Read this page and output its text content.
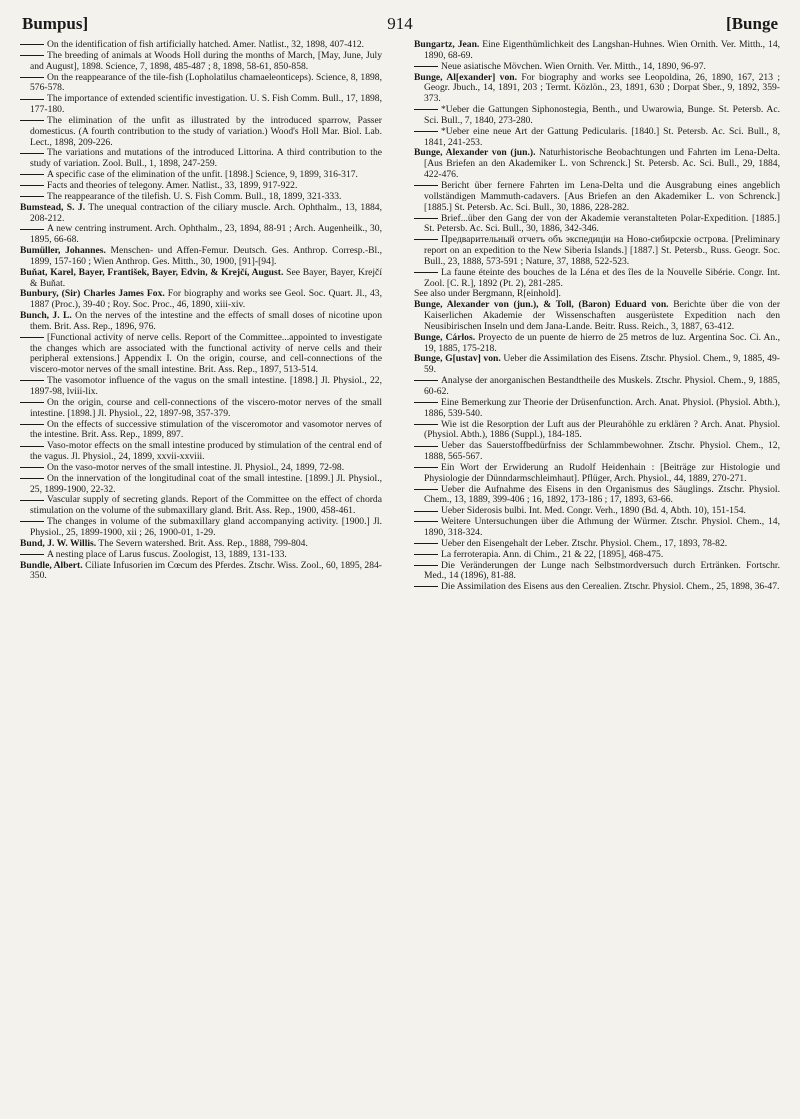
Bumpus]	914	[Bunge

On the identification of fish artificially hatched. Amer. Natlist., 32, 1898, 407-412.

The breeding of animals at Woods Holl during the months of March, [May, June, July and August], 1898. Science, 7, 1898, 485-487 ; 8, 1898, 58-61, 850-858.

On the reappearance of the tile-fish (Lopholatilus chamaeleonticeps). Science, 8, 1898, 576-578.

The importance of extended scientific investigation. U. S. Fish Comm. Bull., 17, 1898, 177-180.

The elimination of the unfit as illustrated by the introduced sparrow, Passer domesticus. (A fourth contribution to the study of variation.) Wood's Holl Mar. Biol. Lab. Lect., 1898, 209-226.

The variations and mutations of the introduced Littorina. A third contribution to the study of variation. Zool. Bull., 1, 1898, 247-259.

A specific case of the elimination of the unfit. [1898.] Science, 9, 1899, 316-317.

Facts and theories of telegony. Amer. Natlist., 33, 1899, 917-922.

The reappearance of the tilefish. U. S. Fish Comm. Bull., 18, 1899, 321-333.

Bumstead, S. J. The unequal contraction of the ciliary muscle. Arch. Ophthalm., 13, 1884, 208-212.

A new centring instrument. Arch. Ophthalm., 23, 1894, 88-91 ; Arch. Augenheilk., 30, 1895, 66-68.

Bumüller, Johannes. Menschen- und Affen-Femur. Deutsch. Ges. Anthrop. Corresp.-Bl., 1899, 157-160 ; Wien Anthrop. Ges. Mitth., 30, 1900, [91]-[94].

Buňat, Karel, Bayer, František, Bayer, Edvin, & Krejčí, August. See Bayer, Bayer, Krejčí & Buňat.

Bunbury, (Sir) Charles James Fox. For biography and works see Geol. Soc. Quart. Jl., 43, 1887 (Proc.), 39-40 ; Roy. Soc. Proc., 46, 1890, xiii-xiv.

Bunch, J. L. On the nerves of the intestine and the effects of small doses of nicotine upon them. Brit. Ass. Rep., 1896, 976.

[Functional activity of nerve cells. Report of the Committee...appointed to investigate the changes which are associated with the functional activity of nerve cells and their peripheral extensions.] Appendix I. On the origin, course, and cell-connections of the viscero-motor nerves of the small intestine. Brit. Ass. Rep., 1897, 513-514.

The vasomotor influence of the vagus on the small intestine. [1898.] Jl. Physiol., 22, 1897-98, lviii-lix.

On the origin, course and cell-connections of the viscero-motor nerves of the small intestine. [1898.] Jl. Physiol., 22, 1897-98, 357-379.

On the effects of successive stimulation of the visceromotor and vasomotor nerves of the intestine. Brit. Ass. Rep., 1899, 897.

Vaso-motor effects on the small intestine produced by stimulation of the central end of the vagus. Jl. Physiol., 24, 1899, xxvii-xxviii.

On the vaso-motor nerves of the small intestine. Jl. Physiol., 24, 1899, 72-98.

On the innervation of the longitudinal coat of the small intestine. [1899.] Jl. Physiol., 25, 1899-1900, 22-32.

Vascular supply of secreting glands. Report of the Committee on the effect of chorda stimulation on the volume of the submaxillary gland. Brit. Ass. Rep., 1900, 458-461.

The changes in volume of the submaxillary gland accompanying activity. [1900.] Jl. Physiol., 25, 1899-1900, xii ; 26, 1900-01, 1-29.

Bund, J. W. Willis. The Severn watershed. Brit. Ass. Rep., 1888, 799-804.

A nesting place of Larus fuscus. Zoologist, 13, 1889, 131-133.

Bundle, Albert. Ciliate Infusorien im Cœcum des Pferdes. Ztschr. Wiss. Zool., 60, 1895, 284-350.

Bungartz, Jean. Eine Eigenthümlichkeit des Langshan-Huhnes. Wien Ornith. Ver. Mitth., 14, 1890, 68-69.

Neue asiatische Mövchen. Wien Ornith. Ver. Mitth., 14, 1890, 96-97.

Bunge, Al[exander] von. For biography and works see Leopoldina, 26, 1890, 167, 213 ; Geogr. Jbuch., 14, 1891, 203 ; Termt. Közlön., 23, 1891, 630 ; Dorpat Sber., 9, 1892, 359-373.

*Ueber die Gattungen Siphonostegia, Benth., und Uwarowia, Bunge. St. Petersb. Ac. Sci. Bull., 7, 1840, 273-280.

*Ueber eine neue Art der Gattung Pedicularis. [1840.] St. Petersb. Ac. Sci. Bull., 8, 1841, 241-253.

Bunge, Alexander von (jun.). Naturhistorische Beobachtungen und Fahrten im Lena-Delta. [Aus Briefen an den Akademiker L. von Schrenck.] St. Petersb. Ac. Sci. Bull., 29, 1884, 422-476.

Bericht über fernere Fahrten im Lena-Delta und die Ausgrabung eines angeblich vollständigen Mammuth-cadavers. [Aus Briefen an den Akademiker L. von Schrenck.] [1885.] St. Petersb. Ac. Sci. Bull., 30, 1886, 228-282.

Brief...über den Gang der von der Akademie veranstalteten Polar-Expedition. [1885.] St. Petersb. Ac. Sci. Bull., 30, 1886, 342-346.

Предварительный отчетъ объ экспедиціи на Ново-сибирскіе острова. [Preliminary report on an expedition to the New Siberia Islands.] [1887.] St. Petersb., Russ. Geogr. Soc. Bull., 23, 1888, 573-591 ; Nature, 37, 1888, 522-523.

La faune éteinte des bouches de la Léna et des îles de la Nouvelle Sibérie. Congr. Int. Zool. [C. R.], 1892 (Pt. 2), 281-285.

See also under Bergmann, R[einhold].

Bunge, Alexander von (jun.), & Toll, (Baron) Eduard von. Berichte über die von der Kaiserlichen Akademie der Wissenschaften ausgerüstete Expedition nach den Neusibirischen Inseln und dem Jana-Lande. Beitr. Russ. Reich., 3, 1887, 63-412.

Bunge, Cárlos. Proyecto de un puente de hierro de 25 metros de luz. Argentina Soc. Ci. An., 19, 1885, 175-218.

Bunge, G[ustav] von. Ueber die Assimilation des Eisens. Ztschr. Physiol. Chem., 9, 1885, 49-59.

Analyse der anorganischen Bestandtheile des Muskels. Ztschr. Physiol. Chem., 9, 1885, 60-62.

Eine Bemerkung zur Theorie der Drüsenfunction. Arch. Anat. Physiol. (Physiol. Abth.), 1886, 539-540.

Wie ist die Resorption der Luft aus der Pleurahöhle zu erklären ? Arch. Anat. Physiol. (Physiol. Abth.), 1886 (Suppl.), 184-185.

Ueber das Sauerstoffbedürfniss der Schlammbewohner. Ztschr. Physiol. Chem., 12, 1888, 565-567.

Ein Wort der Erwiderung an Rudolf Heidenhain : [Beiträge zur Histologie und Physiologie der Dünndarmschleimhaut]. Pflüger, Arch. Physiol., 44, 1889, 270-271.

Ueber die Aufnahme des Eisens in den Organismus des Säuglings. Ztschr. Physiol. Chem., 13, 1889, 399-406 ; 16, 1892, 173-186 ; 17, 1893, 63-66.

Ueber Siderosis bulbi. Int. Med. Congr. Verh., 1890 (Bd. 4, Abth. 10), 151-154.

Weitere Untersuchungen über die Athmung der Würmer. Ztschr. Physiol. Chem., 14, 1890, 318-324.

Ueber den Eisengehalt der Leber. Ztschr. Physiol. Chem., 17, 1893, 78-82.

La ferroterapia. Ann. di Chim., 21 & 22, [1895], 468-475.

Die Veränderungen der Lunge nach Selbstmordversuch durch Ertränken. Fortschr. Med., 14 (1896), 81-88.

Die Assimilation des Eisens aus den Cerealien. Ztschr. Physiol. Chem., 25, 1898, 36-47.
